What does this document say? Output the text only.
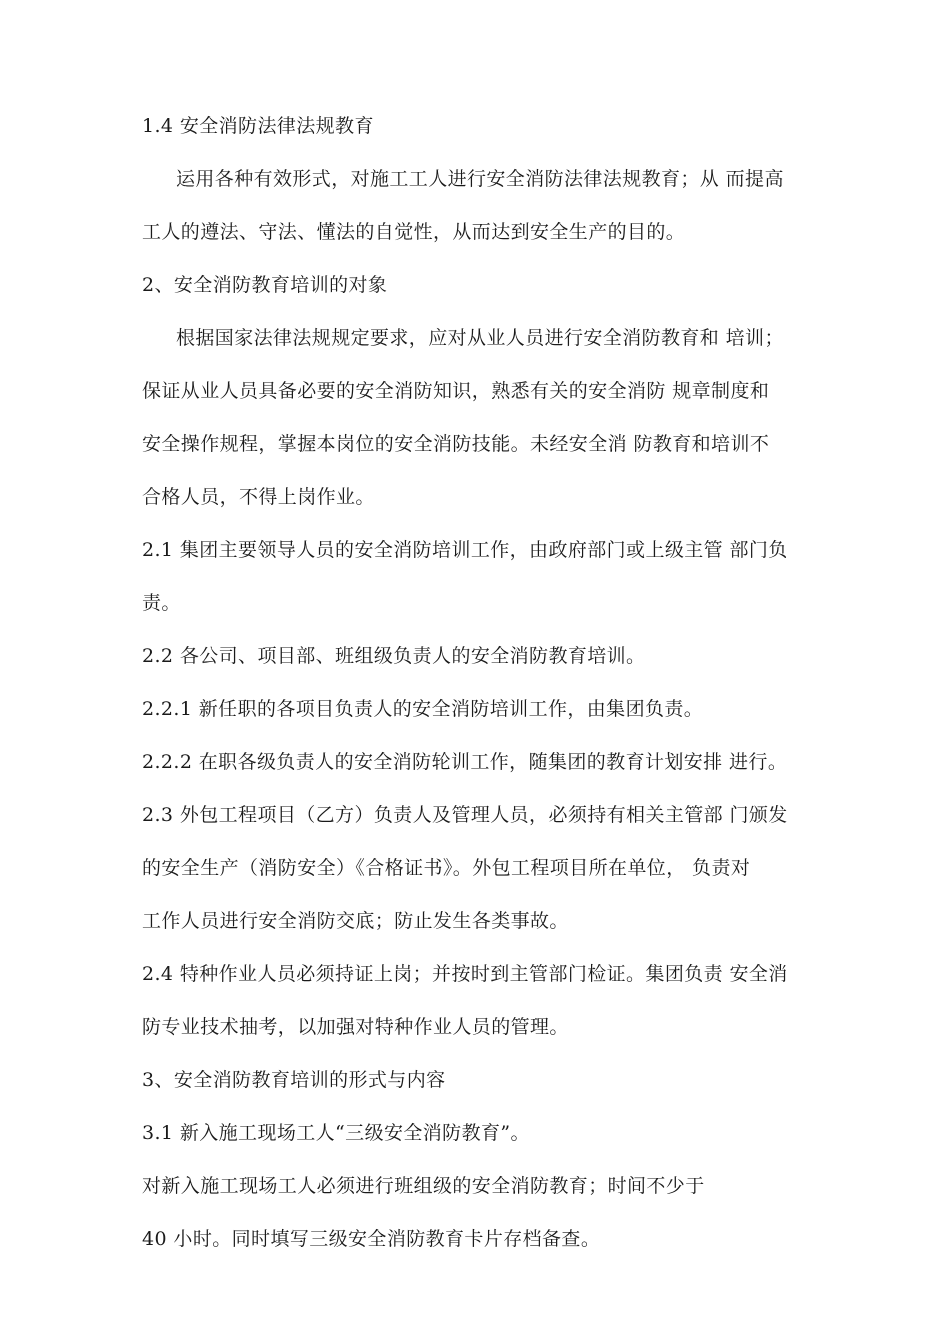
1.4 安全消防法律法规教育
运用各种有效形式，对施工工人进行安全消防法律法规教育；从 而提高
工人的遵法、守法、懂法的自觉性，从而达到安全生产的目的。
2、安全消防教育培训的对象
根据国家法律法规规定要求，应对从业人员进行安全消防教育和 培训；
保证从业人员具备必要的安全消防知识，熟悉有关的安全消防 规章制度和
安全操作规程，掌握本岗位的安全消防技能。未经安全消 防教育和培训不
合格人员，不得上岗作业。
2.1 集团主要领导人员的安全消防培训工作，由政府部门或上级主管 部门负
责。
2.2 各公司、项目部、班组级负责人的安全消防教育培训。
2.2.1 新任职的各项目负责人的安全消防培训工作，由集团负责。
2.2.2 在职各级负责人的安全消防轮训工作，随集团的教育计划安排 进行。
2.3 外包工程项目（乙方）负责人及管理人员，必须持有相关主管部 门颁发
的安全生产（消防安全）《合格证书》。外包工程项目所在单位， 负责对
工作人员进行安全消防交底；防止发生各类事故。
2.4 特种作业人员必须持证上岗；并按时到主管部门检证。集团负责 安全消
防专业技术抽考，以加强对特种作业人员的管理。
3、安全消防教育培训的形式与内容
3.1 新入施工现场工人“三级安全消防教育”。
对新入施工现场工人必须进行班组级的安全消防教育；时间不少于
40 小时。同时填写三级安全消防教育卡片存档备查。
